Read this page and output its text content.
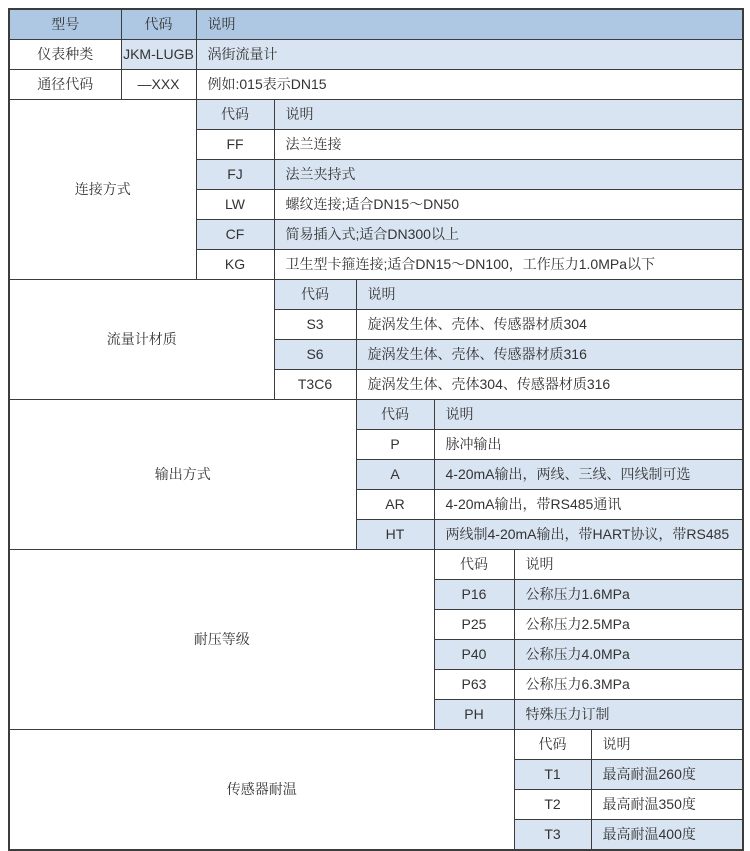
型号	代码	说明					
仪表种类	JKM-LUGB	涡街流量计					
通径代码	—XXX	例如:015表示DN15					
连接方式		代码	说明				
		FF	法兰连接				
		FJ	法兰夹持式				
		LW	螺纹连接;适合DN15～DN50				
		CF	简易插入式;适合DN300以上				
		KG	卫生型卡箍连接;适合DN15～DN100，工作压力1.0MPa以下				
流量计材质			代码	说明			
			S3	旋涡发生体、壳体、传感器材质304			
			S6	旋涡发生体、壳体、传感器材质316			
			T3C6	旋涡发生体、壳体304、传感器材质316			
输出方式				代码	说明		
				P	脉冲输出		
				A	4-20mA输出，两线、三线、四线制可选		
				AR	4-20mA输出，带RS485通讯		
				HT	两线制4-20mA输出，带HART协议，带RS485		
耐压等级					代码	说明	
					P16	公称压力1.6MPa	
					P25	公称压力2.5MPa	
					P40	公称压力4.0MPa	
					P63	公称压力6.3MPa	
					PH	特殊压力订制	
传感器耐温						代码	说明
						T1	最高耐温260度
						T2	最高耐温350度
						T3	最高耐温400度
